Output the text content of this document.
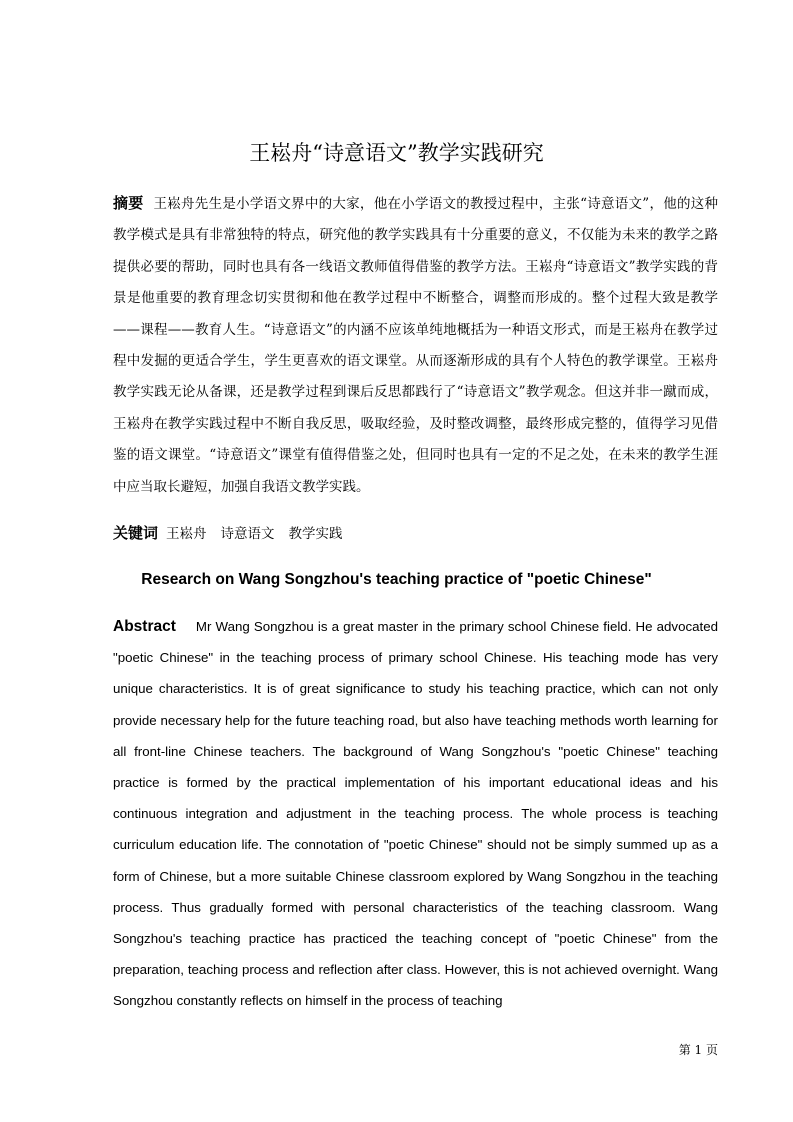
王崧舟“诗意语文”教学实践研究

摘要 王崧舟先生是小学语文界中的大家，他在小学语文的教授过程中，主张“诗意语文”，他的这种教学模式是具有非常独特的特点，研究他的教学实践具有十分重要的意义，不仅能为未来的教学之路提供必要的帮助，同时也具有各一线语文教师值得借鉴的教学方法。王崧舟“诗意语文”教学实践的背景是他重要的教育理念切实贯彻和他在教学过程中不断整合，调整而形成的。整个过程大致是教学——课程——教育人生。“诗意语文”的内涵不应该单纯地概括为一种语文形式，而是王崧舟在教学过程中发掘的更适合学生，学生更喜欢的语文课堂。从而逐渐形成的具有个人特色的教学课堂。王崧舟教学实践无论从备课，还是教学过程到课后反思都践行了“诗意语文”教学观念。但这并非一蹴而成，王崧舟在教学实践过程中不断自我反思，吸取经验，及时整改调整，最终形成完整的，值得学习见借鉴的语文课堂。“诗意语文”课堂有值得借鉴之处，但同时也具有一定的不足之处，在未来的教学生涯中应当取长避短，加强自我语文教学实践。

关键词 王崧舟 诗意语文 教学实践

Research on Wang Songzhou's teaching practice of "poetic Chinese"

Abstract Mr Wang Songzhou is a great master in the primary school Chinese field. He advocated "poetic Chinese" in the teaching process of primary school Chinese. His teaching mode has very unique characteristics. It is of great significance to study his teaching practice, which can not only provide necessary help for the future teaching road, but also have teaching methods worth learning for all front-line Chinese teachers. The background of Wang Songzhou's "poetic Chinese" teaching practice is formed by the practical implementation of his important educational ideas and his continuous integration and adjustment in the teaching process. The whole process is teaching curriculum education life. The connotation of "poetic Chinese" should not be simply summed up as a form of Chinese, but a more suitable Chinese classroom explored by Wang Songzhou in the teaching process. Thus gradually formed with personal characteristics of the teaching classroom. Wang Songzhou's teaching practice has practiced the teaching concept of "poetic Chinese" from the preparation, teaching process and reflection after class. However, this is not achieved overnight. Wang Songzhou constantly reflects on himself in the process of teaching

第 1 页
